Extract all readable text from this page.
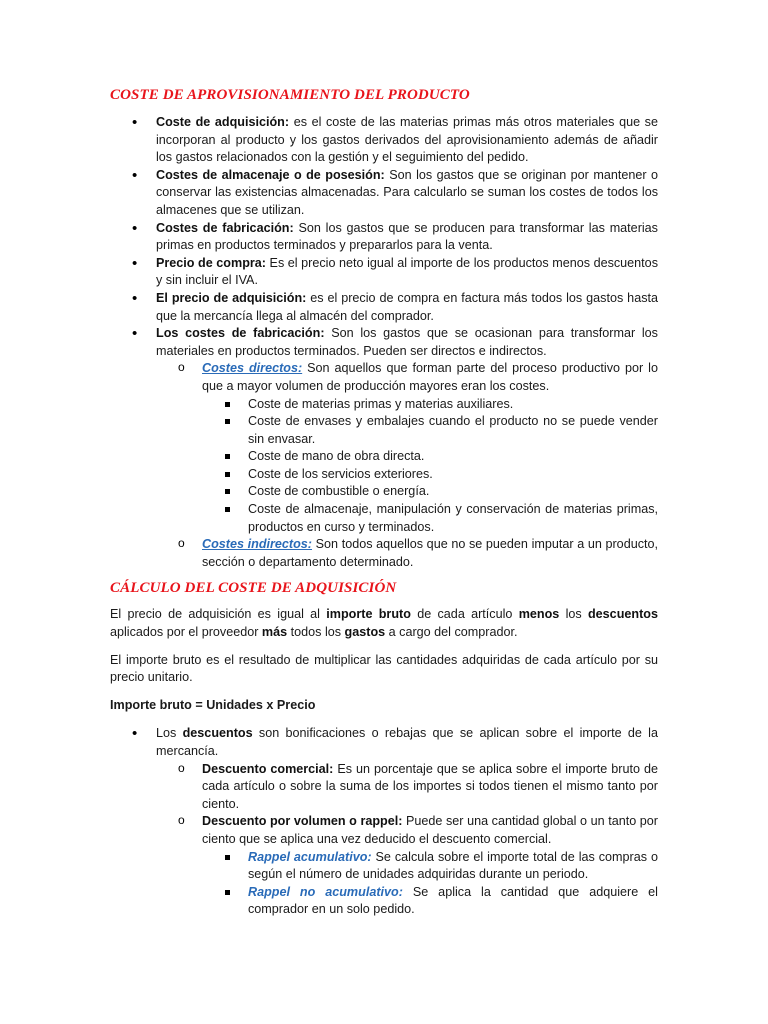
COSTE DE APROVISIONAMIENTO DEL PRODUCTO
• Coste de adquisición: es el coste de las materias primas más otros materiales que se incorporan al producto y los gastos derivados del aprovisionamiento además de añadir los gastos relacionados con la gestión y el seguimiento del pedido.
• Costes de almacenaje o de posesión: Son los gastos que se originan por mantener o conservar las existencias almacenadas. Para calcularlo se suman los costes de todos los almacenes que se utilizan.
• Costes de fabricación: Son los gastos que se producen para transformar las materias primas en productos terminados y prepararlos para la venta.
• Precio de compra: Es el precio neto igual al importe de los productos menos descuentos y sin incluir el IVA.
• El precio de adquisición: es el precio de compra en factura más todos los gastos hasta que la mercancía llega al almacén del comprador.
• Los costes de fabricación: Son los gastos que se ocasionan para transformar los materiales en productos terminados. Pueden ser directos e indirectos.
o Costes directos: Son aquellos que forman parte del proceso productivo por lo que a mayor volumen de producción mayores eran los costes.
Coste de materias primas y materias auxiliares.
Coste de envases y embalajes cuando el producto no se puede vender sin envasar.
Coste de mano de obra directa.
Coste de los servicios exteriores.
Coste de combustible o energía.
Coste de almacenaje, manipulación y conservación de materias primas, productos en curso y terminados.
o Costes indirectos: Son todos aquellos que no se pueden imputar a un producto, sección o departamento determinado.
CÁLCULO DEL COSTE DE ADQUISICIÓN

El precio de adquisición es igual al importe bruto de cada artículo menos los descuentos aplicados por el proveedor más todos los gastos a cargo del comprador.

El importe bruto es el resultado de multiplicar las cantidades adquiridas de cada artículo por su precio unitario.

Importe bruto = Unidades x Precio

• Los descuentos son bonificaciones o rebajas que se aplican sobre el importe de la mercancía.
o Descuento comercial: Es un porcentaje que se aplica sobre el importe bruto de cada artículo o sobre la suma de los importes si todos tienen el mismo tanto por ciento.
o Descuento por volumen o rappel: Puede ser una cantidad global o un tanto por ciento que se aplica una vez deducido el descuento comercial.
Rappel acumulativo: Se calcula sobre el importe total de las compras o según el número de unidades adquiridas durante un periodo.
Rappel no acumulativo: Se aplica la cantidad que adquiere el comprador en un solo pedido.
